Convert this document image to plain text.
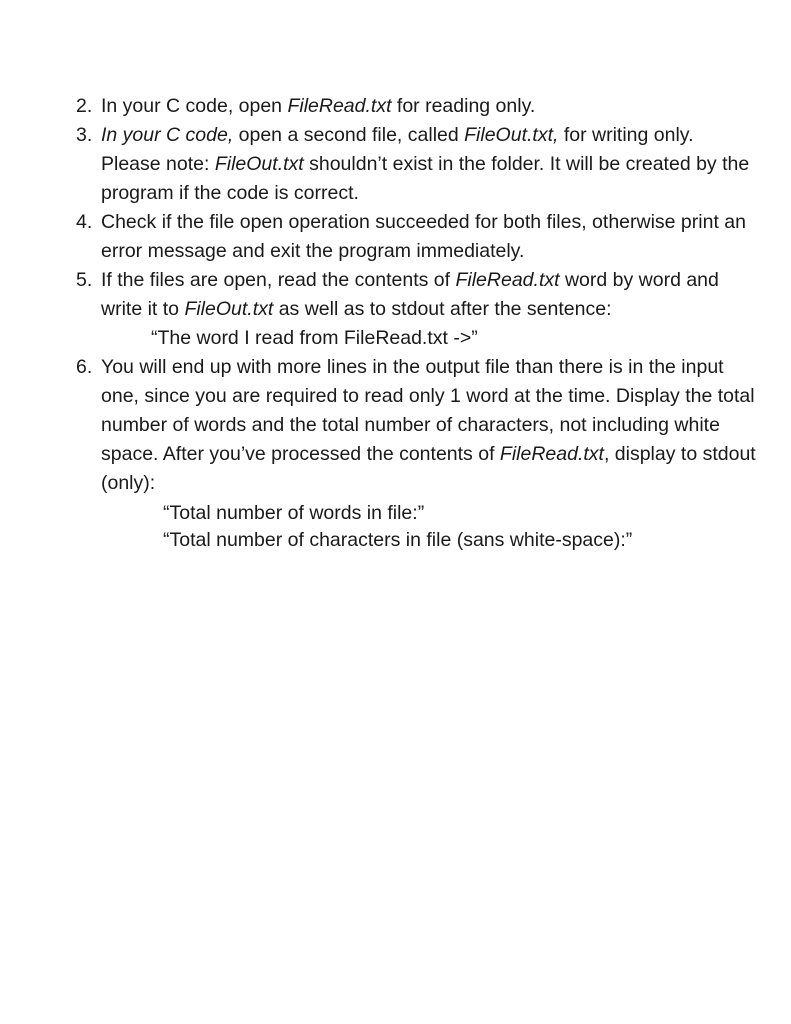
2. In your C code, open FileRead.txt for reading only.
3. In your C code, open a second file, called FileOut.txt, for writing only. Please note: FileOut.txt shouldn’t exist in the folder. It will be created by the program if the code is correct.
4. Check if the file open operation succeeded for both files, otherwise print an error message and exit the program immediately.
5. If the files are open, read the contents of FileRead.txt word by word and write it to FileOut.txt as well as to stdout after the sentence:
“The word I read from FileRead.txt ->”
6. You will end up with more lines in the output file than there is in the input one, since you are required to read only 1 word at the time. Display the total number of words and the total number of characters, not including white space. After you’ve processed the contents of FileRead.txt, display to stdout (only):
“Total number of words in file:”
“Total number of characters in file (sans white-space):”
